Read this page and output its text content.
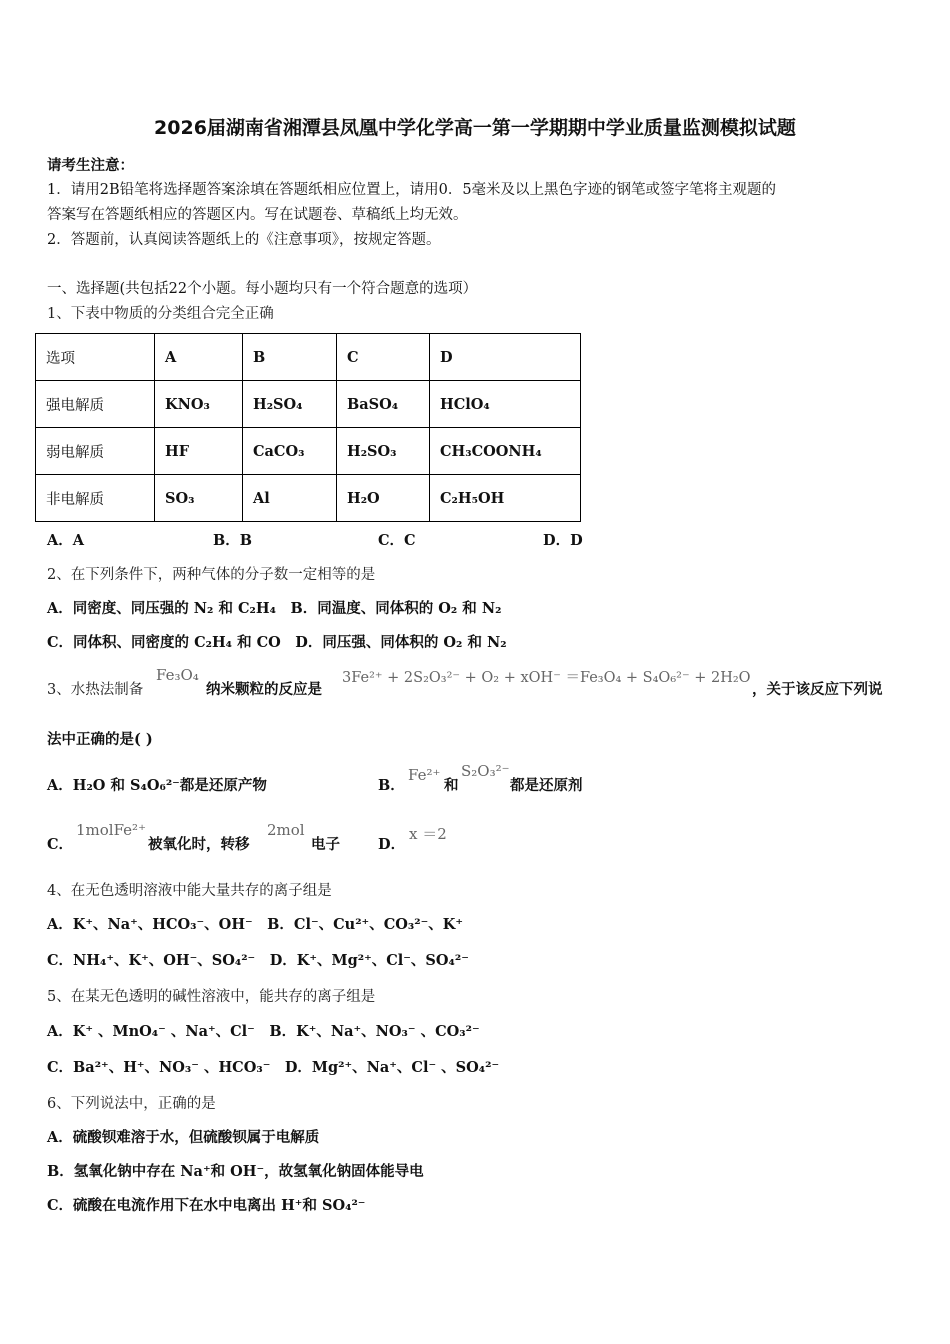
2026届湖南省湘潭县凤凰中学化学高一第一学期期中学业质量监测模拟试题
请考生注意：
1．请用2B铅笔将选择题答案涂填在答题纸相应位置上，请用0．5毫米及以上黑色字迹的钢笔或签字笔将主观题的
答案写在答题纸相应的答题区内。写在试题卷、草稿纸上均无效。
2．答题前，认真阅读答题纸上的《注意事项》，按规定答题。
一、选择题(共包括22个小题。每小题均只有一个符合题意的选项）
1、下表中物质的分类组合完全正确
选项	A	B	C	D
强电解质	KNO₃	H₂SO₄	BaSO₄	HClO₄
弱电解质	HF	CaCO₃	H₂SO₃	CH₃COONH₄
非电解质	SO₃	Al	H₂O	C₂H₅OH
A．A	B．B	C．C	D．D
2、在下列条件下，两种气体的分子数一定相等的是
A．同密度、同压强的 N₂ 和 C₂H₄　B．同温度、同体积的 O₂ 和 N₂
C．同体积、同密度的 C₂H₄ 和 CO　D．同压强、同体积的 O₂ 和 N₂
3、水热法制备
Fe₃O₄
纳米颗粒的反应是
3Fe²⁺ + 2S₂O₃²⁻ + O₂ + xOH⁻ ＝Fe₃O₄ + S₄O₆²⁻ + 2H₂O
，关于该反应下列说
法中正确的是( )
A．H₂O 和 S₄O₆²⁻都是还原产物	B．
Fe²⁺
和
S₂O₃²⁻
都是还原剂
C．
1molFe²⁺
被氧化时，转移
2mol
电子	D．
x ＝2
4、在无色透明溶液中能大量共存的离子组是
A．K⁺、Na⁺、HCO₃⁻、OH⁻　B．Cl⁻、Cu²⁺、CO₃²⁻、K⁺
C．NH₄⁺、K⁺、OH⁻、SO₄²⁻　D．K⁺、Mg²⁺、Cl⁻、SO₄²⁻
5、在某无色透明的碱性溶液中，能共存的离子组是
A．K⁺ 、MnO₄⁻ 、Na⁺、Cl⁻　B．K⁺、Na⁺、NO₃⁻ 、CO₃²⁻
C．Ba²⁺、H⁺、NO₃⁻ 、HCO₃⁻　D．Mg²⁺、Na⁺、Cl⁻ 、SO₄²⁻
6、下列说法中，正确的是
A．硫酸钡难溶于水，但硫酸钡属于电解质
B．氢氧化钠中存在 Na⁺和 OH⁻，故氢氧化钠固体能导电
C．硫酸在电流作用下在水中电离出 H⁺和 SO₄²⁻
